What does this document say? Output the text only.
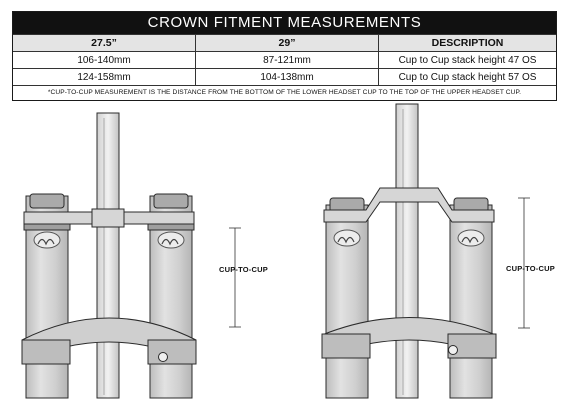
CROWN FITMENT MEASUREMENTS
27.5”	29”	DESCRIPTION
106-140mm	87-121mm	Cup to Cup stack height 47 OS
124-158mm	104-138mm	Cup to Cup stack height 57 OS
*CUP-TO-CUP MEASUREMENT IS THE DISTANCE FROM THE BOTTOM OF THE LOWER HEADSET CUP TO THE TOP OF THE UPPER HEADSET CUP.
CUP-TO-CUP	CUP-TO-CUP
